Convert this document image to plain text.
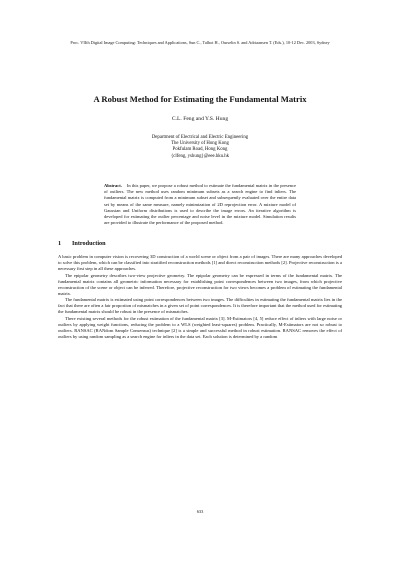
Proc. VIIth Digital Image Computing: Techniques and Applications, Sun C., Talbot H., Ourselin S. and Adriaansen T. (Eds.), 10-12 Dec. 2003, Sydney
A Robust Method for Estimating the Fundamental Matrix
C.L. Feng and Y.S. Hung
Department of Electrical and Electric Engineering
The University of Hong Kong
Pokfulam Road, Hong Kong
{clfeng, yshung}@eee.hku.hk
Abstract. In this paper, we propose a robust method to estimate the fundamental matrix in the presence of outliers. The new method uses random minimum subsets as a search engine to find inliers. The fundamental matrix is computed from a minimum subset and subsequently evaluated over the entire data set by means of the same measure, namely minimization of 2D reprojection error. A mixture model of Gaussian and Uniform distributions is used to describe the image errors. An iterative algorithm is developed for estimating the outlier percentage and noise level in the mixture model. Simulation results are provided to illustrate the performance of the proposed method.
1 Introduction

A basic problem in computer vision is recovering 3D construction of a world scene or object from a pair of images. There are many approaches developed to solve this problem, which can be classified into stratified reconstruction methods [1] and direct reconstruction methods [2]. Projective reconstruction is a necessary first step in all these approaches.

The epipolar geometry describes two-view projective geometry. The epipolar geometry can be expressed in terms of the fundamental matrix. The fundamental matrix contains all geometric information necessary for establishing point correspondences between two images, from which projective reconstruction of the scene or object can be inferred. Therefore, projective reconstruction for two views becomes a problem of estimating the fundamental matrix.

The fundamental matrix is estimated using point correspondences between two images. The difficulties in estimating the fundamental matrix lies in the fact that there are often a fair proportion of mismatches in a given set of point correspondences. It is therefore important that the method used for estimating the fundamental matrix should be robust in the presence of mismatches.

There existing several methods for the robust estimation of the fundamental matrix [3]. M-Estimators [4, 5] reduce effect of inliers with large noise or outliers by applying weight functions, reducing the problem to a WLS (weighted least-squares) problem. Practically, M-Estimators are not so robust to outliers. RANSAC (RANdom Sample Consensus) technique [2] is a simple and successful method in robust estimation. RANSAC removes the effect of outliers by using random sampling as a search engine for inliers in the data set. Each solution is determined by a random

633
